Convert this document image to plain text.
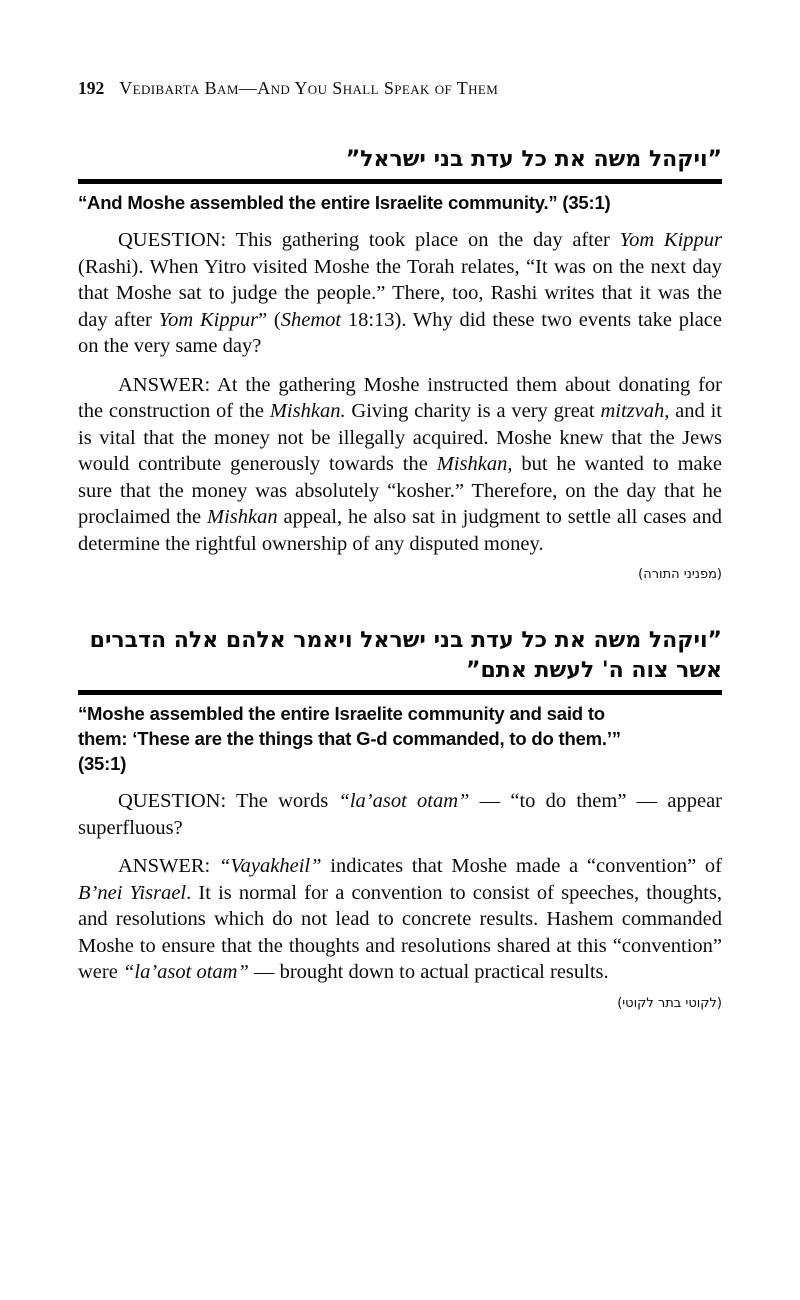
192 Vedibarta Bam—And You Shall Speak of Them
”ויקהל משה את כל עדת בני ישראל”
“And Moshe assembled the entire Israelite community.” (35:1)

QUESTION: This gathering took place on the day after Yom Kippur (Rashi). When Yitro visited Moshe the Torah relates, “It was on the next day that Moshe sat to judge the people.” There, too, Rashi writes that it was the day after Yom Kippur” (Shemot 18:13). Why did these two events take place on the very same day?

ANSWER: At the gathering Moshe instructed them about donating for the construction of the Mishkan. Giving charity is a very great mitzvah, and it is vital that the money not be illegally acquired. Moshe knew that the Jews would contribute generously towards the Mishkan, but he wanted to make sure that the money was absolutely “kosher.” Therefore, on the day that he proclaimed the Mishkan appeal, he also sat in judgment to settle all cases and determine the rightful ownership of any disputed money.

(מפניני התורה)
”ויקהל משה את כל עדת בני ישראל ויאמר אלהם אלה הדברים
אשר צוה ה' לעשת אתם”
“Moshe assembled the entire Israelite community and said to
them: ‘These are the things that G-d commanded, to do them.’”
(35:1)

QUESTION: The words “la’asot otam” — “to do them” — appear superfluous?

ANSWER: “Vayakheil” indicates that Moshe made a “convention” of B’nei Yisrael. It is normal for a convention to consist of speeches, thoughts, and resolutions which do not lead to concrete results. Hashem commanded Moshe to ensure that the thoughts and resolutions shared at this “convention” were “la’asot otam” — brought down to actual practical results.

(לקוטי בתר לקוטי)
